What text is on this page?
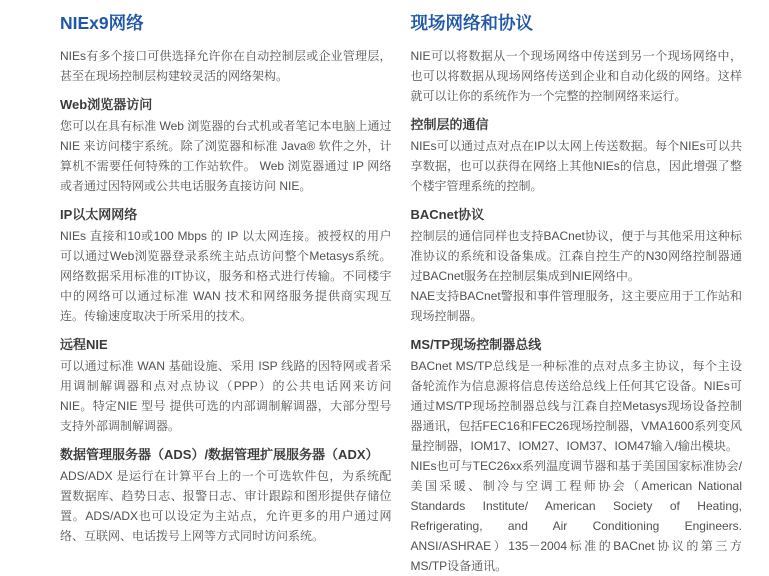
NIEx9网络

NIEs有多个接口可供选择允许你在自动控制层或企业管理层，甚至在现场控制层构建较灵活的网络架构。

Web浏览器访问

您可以在具有标准 Web 浏览器的台式机或者笔记本电脑上通过 NIE 来访问楼宇系统。除了浏览器和标准 Java® 软件之外，计算机不需要任何特殊的工作站软件。 Web 浏览器通过 IP 网络或者通过因特网或公共电话服务直接访问 NIE。

IP以太网网络

NIEs 直接和10或100 Mbps 的 IP 以太网连接。被授权的用户可以通过Web浏览器登录系统主站点访问整个Metasys系统。网络数据采用标准的IT协议，服务和格式进行传输。不同楼宇中的网络可以通过标准 WAN 技术和网络服务提供商实现互连。传输速度取决于所采用的技术。

远程NIE

可以通过标准 WAN 基础设施、采用 ISP 线路的因特网或者采用调制解调器和点对点协议（PPP）的公共电话网来访问 NIE。特定NIE 型号 提供可选的内部调制解调器，大部分型号支持外部调制解调器。

数据管理服务器（ADS）/数据管理扩展服务器（ADX）

ADS/ADX 是运行在计算平台上的一个可选软件包，为系统配置数据库、趋势日志、报警日志、审计跟踪和图形提供存储位置。ADS/ADX也可以设定为主站点，允许更多的用户通过网络、互联网、电话拨号上网等方式同时访问系统。

现场网络和协议

NIE可以将数据从一个现场网络中传送到另一个现场网络中，也可以将数据从现场网络传送到企业和自动化级的网络。这样就可以让你的系统作为一个完整的控制网络来运行。

控制层的通信

NIEs可以通过点对点在IP以太网上传送数据。每个NIEs可以共享数据，也可以获得在网络上其他NIEs的信息，因此增强了整个楼宇管理系统的控制。

BACnet协议

控制层的通信同样也支持BACnet协议，便于与其他采用这种标准协议的系统和设备集成。江森自控生产的N30网络控制器通过BACnet服务在控制层集成到NIE网络中。

NAE支持BACnet警报和事件管理服务，这主要应用于工作站和现场控制器。

MS/TP现场控制器总线

BACnet MS/TP总线是一种标准的点对点多主协议，每个主设备轮流作为信息源将信息传送给总线上任何其它设备。NIEs可通过MS/TP现场控制器总线与江森自控Metasys现场设备控制器通讯，包括FEC16和FEC26现场控制器，VMA1600系列变风量控制器，IOM17、IOM27、IOM37、IOM47输入/输出模块。

NIEs也可与TEC26xx系列温度调节器和基于美国国家标准协会/美国采暖、制冷与空调工程师协会（American National Standards Institute/ American Society of Heating, Refrigerating, and Air Conditioning Engineers. ANSI/ASHRAE）135－2004标准的BACnet协议的第三方MS/TP设备通讯。
